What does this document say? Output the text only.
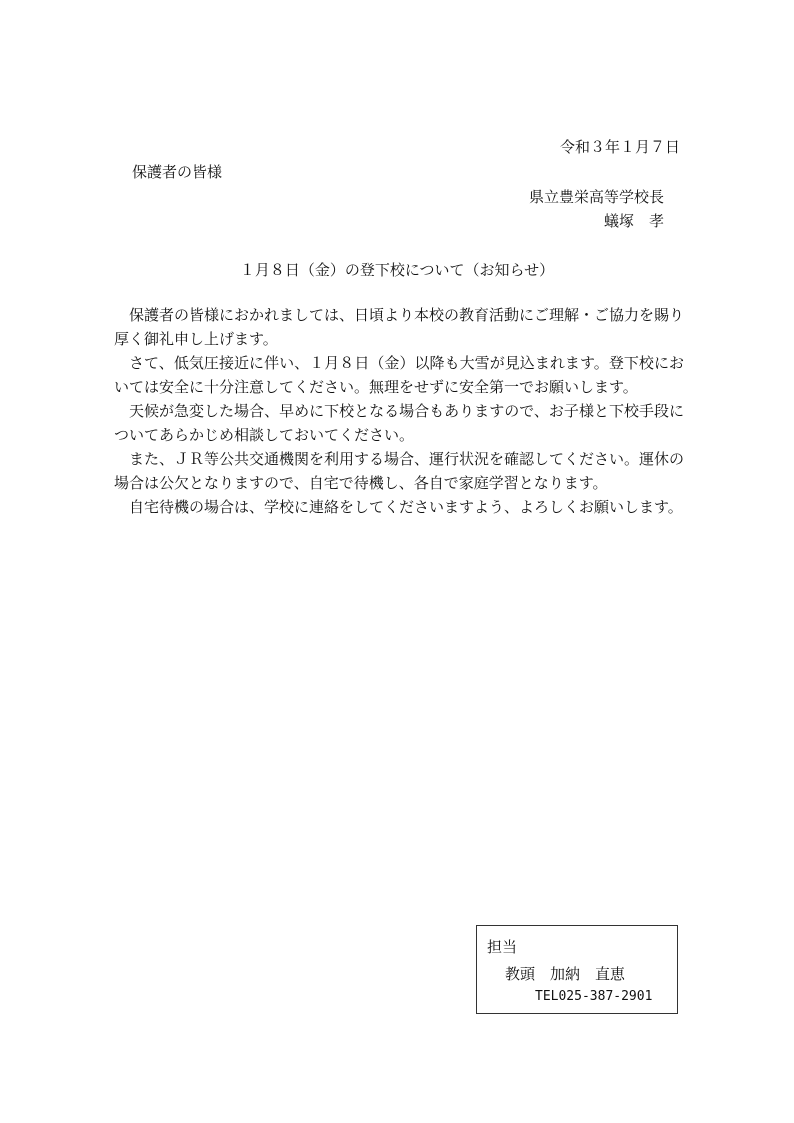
令和３年１月７日
保護者の皆様
県立豊栄高等学校長
蟻塚　孝
１月８日（金）の登下校について（お知らせ）

保護者の皆様におかれましては、日頃より本校の教育活動にご理解・ご協力を賜り厚く御礼申し上げます。

さて、低気圧接近に伴い、１月８日（金）以降も大雪が見込まれます。登下校においては安全に十分注意してください。無理をせずに安全第一でお願いします。

天候が急変した場合、早めに下校となる場合もありますので、お子様と下校手段についてあらかじめ相談しておいてください。

また、ＪＲ等公共交通機関を利用する場合、運行状況を確認してください。運休の場合は公欠となりますので、自宅で待機し、各自で家庭学習となります。

自宅待機の場合は、学校に連絡をしてくださいますよう、よろしくお願いします。

担当
教頭　加納　直恵
TEL025-387-2901
